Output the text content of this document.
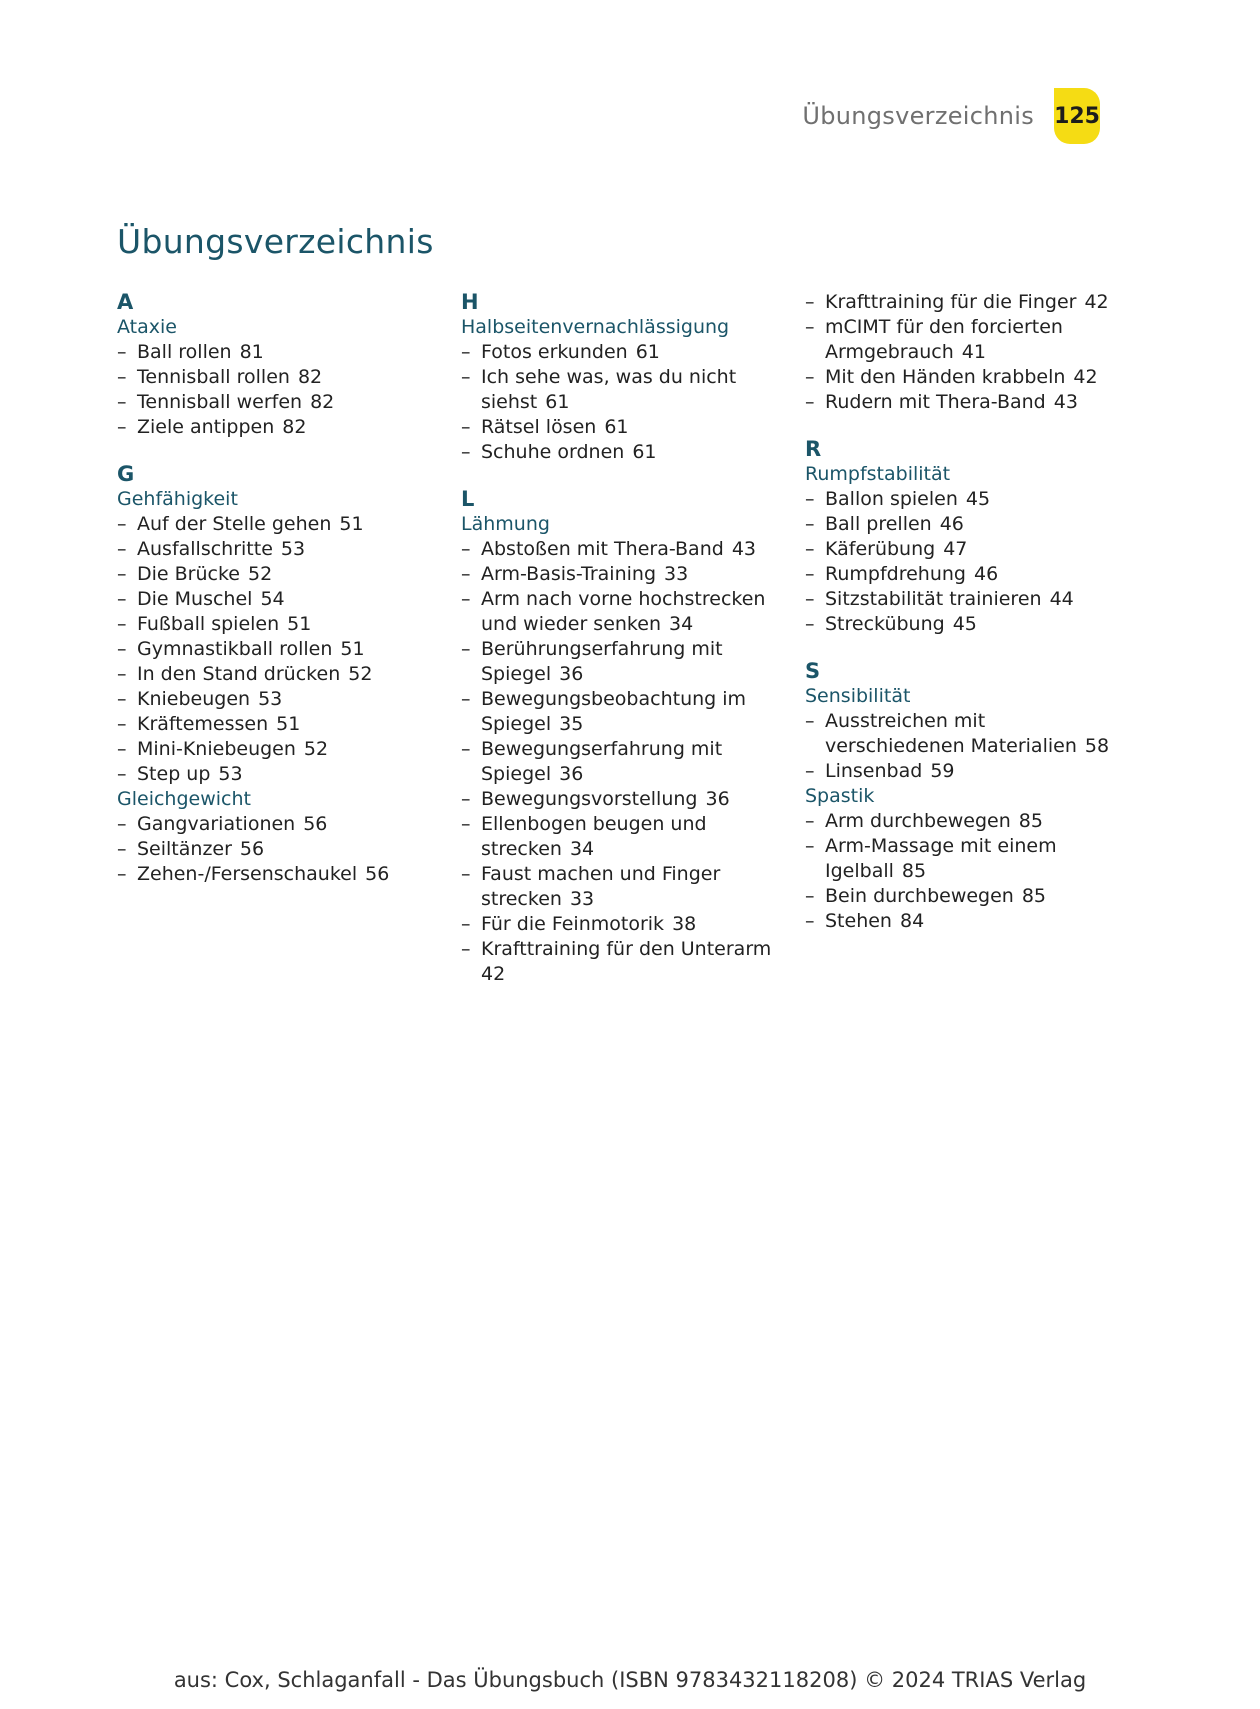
Übungsverzeichnis 125
Übungsverzeichnis
A
Ataxie
– Ball rollen 81
– Tennisball rollen 82
– Tennisball werfen 82
– Ziele antippen 82
G
Gehfähigkeit
– Auf der Stelle gehen 51
– Ausfallschritte 53
– Die Brücke 52
– Die Muschel 54
– Fußball spielen 51
– Gymnastikball rollen 51
– In den Stand drücken 52
– Kniebeugen 53
– Kräftemessen 51
– Mini-Kniebeugen 52
– Step up 53
Gleichgewicht
– Gangvariationen 56
– Seiltänzer 56
– Zehen-/Fersenschaukel 56
H
Halbseitenvernachlässigung
– Fotos erkunden 61
– Ich sehe was, was du nicht
siehst 61
– Rätsel lösen 61
– Schuhe ordnen 61
L
Lähmung
– Abstoßen mit Thera-Band 43
– Arm-Basis-Training 33
– Arm nach vorne hochstrecken
und wieder senken 34
– Berührungserfahrung mit
Spiegel 36
– Bewegungsbeobachtung im
Spiegel 35
– Bewegungserfahrung mit
Spiegel 36
– Bewegungsvorstellung 36
– Ellenbogen beugen und
strecken 34
– Faust machen und Finger
strecken 33
– Für die Feinmotorik 38
– Krafttraining für den Unterarm
42
– Krafttraining für die Finger 42
– mCIMT für den forcierten
Armgebrauch 41
– Mit den Händen krabbeln 42
– Rudern mit Thera-Band 43
R
Rumpfstabilität
– Ballon spielen 45
– Ball prellen 46
– Käferübung 47
– Rumpfdrehung 46
– Sitzstabilität trainieren 44
– Streckübung 45
S
Sensibilität
– Ausstreichen mit
verschiedenen Materialien 58
– Linsenbad 59
Spastik
– Arm durchbewegen 85
– Arm-Massage mit einem
Igelball 85
– Bein durchbewegen 85
– Stehen 84
aus: Cox, Schlaganfall - Das Übungsbuch (ISBN 9783432118208) © 2024 TRIAS Verlag
